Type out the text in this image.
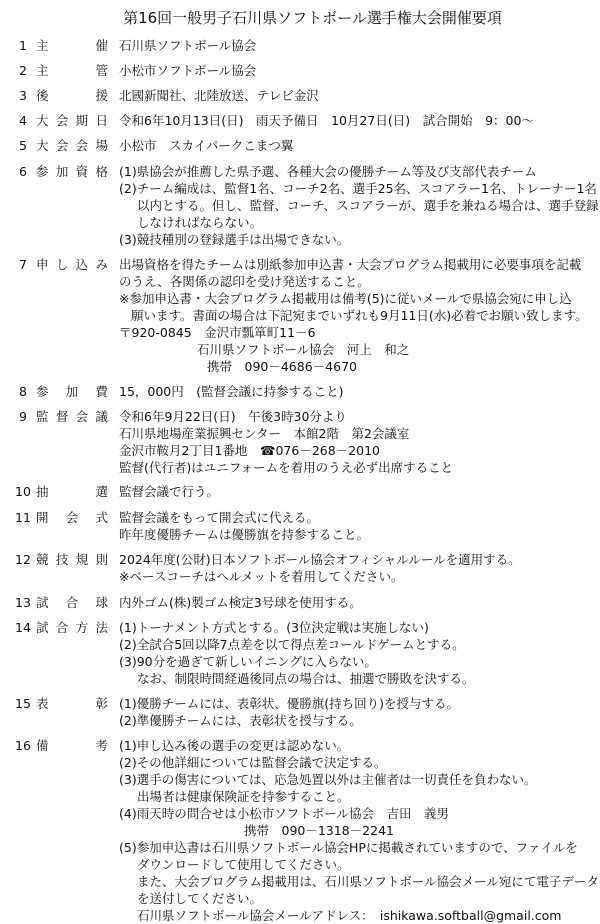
第16回一般男子石川県ソフトボール選手権大会開催要項
1 主催 石川県ソフトボール協会
2 主管 小松市ソフトボール協会
3 後援 北國新聞社、北陸放送、テレビ金沢
4 大会期日 令和6年10月13日(日)　雨天予備日　10月27日(日)　試合開始　9：00～
5 大会会場 小松市　スカイパークこまつ翼
6 参加資格 (1)県協会が推薦した県予選、各種大会の優勝チーム等及び支部代表チーム
(2)チーム編成は、監督1名、コーチ2名、選手25名、スコアラー1名、トレーナー1名
以内とする。但し、監督、コーチ、スコアラーが、選手を兼ねる場合は、選手登録
しなければならない。
(3)競技種別の登録選手は出場できない。
7 申し込み 出場資格を得たチームは別紙参加申込書・大会プログラム掲載用に必要事項を記載
のうえ、各関係の認印を受け発送すること。
※参加申込書・大会プログラム掲載用は備考(5)に従いメールで県協会宛に申し込
願います。書面の場合は下記宛までいずれも9月11日(水)必着でお願い致します。
〒920-0845　金沢市瓢箪町11－6
石川県ソフトボール協会　河上　和之
携帯　090－4686－4670
8 参加費 15，000円　(監督会議に持参すること)
9 監督会議 令和6年9月22日(日)　午後3時30分より
石川県地場産業振興センター　本館2階　第2会議室
金沢市鞍月2丁目1番地　☎076－268－2010
監督(代行者)はユニフォームを着用のうえ必ず出席すること
10 抽選 監督会議で行う。
11 開会式 監督会議をもって開会式に代える。
昨年度優勝チームは優勝旗を持参すること。
12 競技規則 2024年度(公財)日本ソフトボール協会オフィシャルルールを適用する。
※ベースコーチはヘルメットを着用してください。
13 試合球 内外ゴム(株)製ゴム検定3号球を使用する。
14 試合方法 (1)トーナメント方式とする。(3位決定戦は実施しない)
(2)全試合5回以降7点差を以て得点差コールドゲームとする。
(3)90分を過ぎて新しいイニングに入らない。
なお、制限時間経過後同点の場合は、抽選で勝敗を決する。
15 表彰 (1)優勝チームには、表彰状、優勝旗(持ち回り)を授与する。
(2)準優勝チームには、表彰状を授与する。
16 備考 (1)申し込み後の選手の変更は認めない。
(2)その他詳細については監督会議で決定する。
(3)選手の傷害については、応急処置以外は主催者は一切責任を負わない。
出場者は健康保険証を持参すること。
(4)雨天時の問合せは小松市ソフトボール協会　吉田　義男
携帯　090－1318－2241
(5)参加申込書は石川県ソフトボール協会HPに掲載されていますので、ファイルを
ダウンロードして使用してください。
また、大会プログラム掲載用は、石川県ソフトボール協会メール宛にて電子データ
を送付してください。
石川県ソフトボール協会メールアドレス：　ishikawa.softball@gmail.com
